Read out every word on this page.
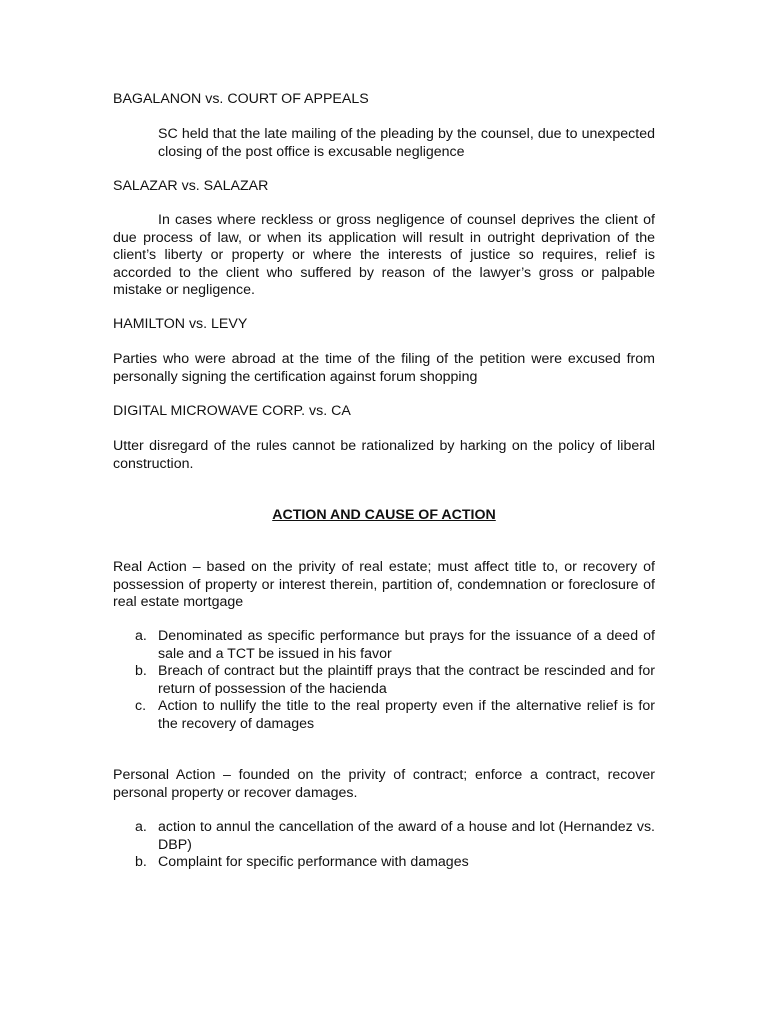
BAGALANON vs. COURT OF APPEALS

SC held that the late mailing of the pleading by the counsel, due to unexpected closing of the post office is excusable negligence

SALAZAR vs. SALAZAR

In cases where reckless or gross negligence of counsel deprives the client of due process of law, or when its application will result in outright deprivation of the client’s liberty or property or where the interests of justice so requires, relief is accorded to the client who suffered by reason of the lawyer’s gross or palpable mistake or negligence.

HAMILTON vs. LEVY

Parties who were abroad at the time of the filing of the petition were excused from personally signing the certification against forum shopping

DIGITAL MICROWAVE CORP. vs. CA

Utter disregard of the rules cannot be rationalized by harking on the policy of liberal construction.

ACTION AND CAUSE OF ACTION

Real Action – based on the privity of real estate; must affect title to, or recovery of possession of property or interest therein, partition of, condemnation or foreclosure of real estate mortgage

a. Denominated as specific performance but prays for the issuance of a deed of sale and a TCT be issued in his favor
b. Breach of contract but the plaintiff prays that the contract be rescinded and for return of possession of the hacienda
c. Action to nullify the title to the real property even if the alternative relief is for the recovery of damages

Personal Action – founded on the privity of contract; enforce a contract, recover personal property or recover damages.

a. action to annul the cancellation of the award of a house and lot (Hernandez vs. DBP)
b. Complaint for specific performance with damages
